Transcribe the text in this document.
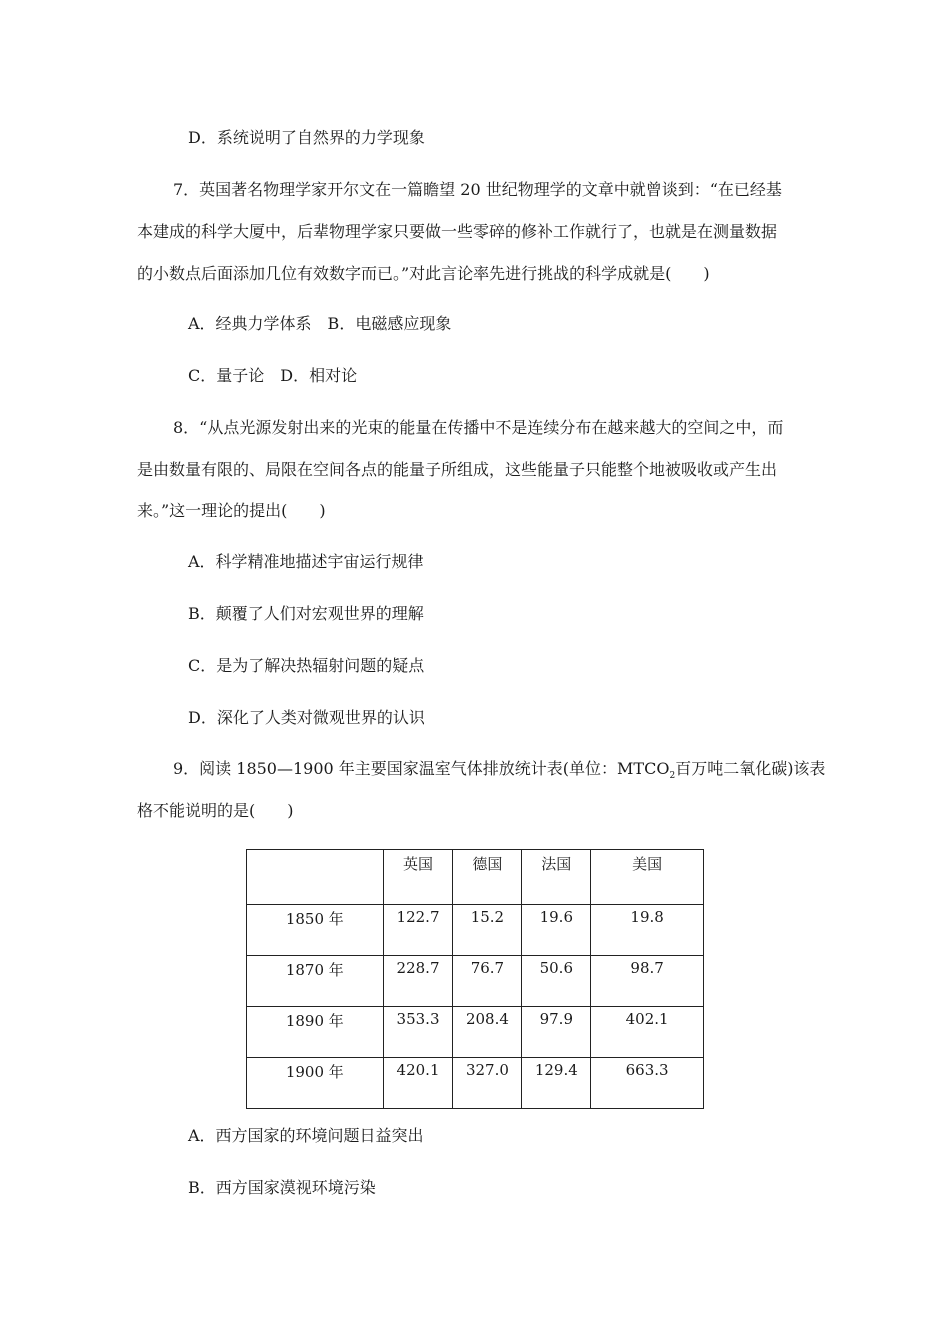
D．系统说明了自然界的力学现象
7．英国著名物理学家开尔文在一篇瞻望 20 世纪物理学的文章中就曾谈到：“在已经基
本建成的科学大厦中，后辈物理学家只要做一些零碎的修补工作就行了，也就是在测量数据
的小数点后面添加几位有效数字而已。”对此言论率先进行挑战的科学成就是(　　)
A．经典力学体系　B．电磁感应现象
C．量子论　D．相对论
8．“从点光源发射出来的光束的能量在传播中不是连续分布在越来越大的空间之中，而
是由数量有限的、局限在空间各点的能量子所组成，这些能量子只能整个地被吸收或产生出
来。”这一理论的提出(　　)
A．科学精准地描述宇宙运行规律
B．颠覆了人们对宏观世界的理解
C．是为了解决热辐射问题的疑点
D．深化了人类对微观世界的认识
9．阅读 1850—1900 年主要国家温室气体排放统计表(单位：$MTCO_2$百万吨二氧化碳)该表
格不能说明的是(　　)
	英国	德国	法国	美国
1850 年	122.7	15.2	19.6	19.8
1870 年	228.7	76.7	50.6	98.7
1890 年	353.3	208.4	97.9	402.1
1900 年	420.1	327.0	129.4	663.3
A．西方国家的环境问题日益突出
B．西方国家漠视环境污染
